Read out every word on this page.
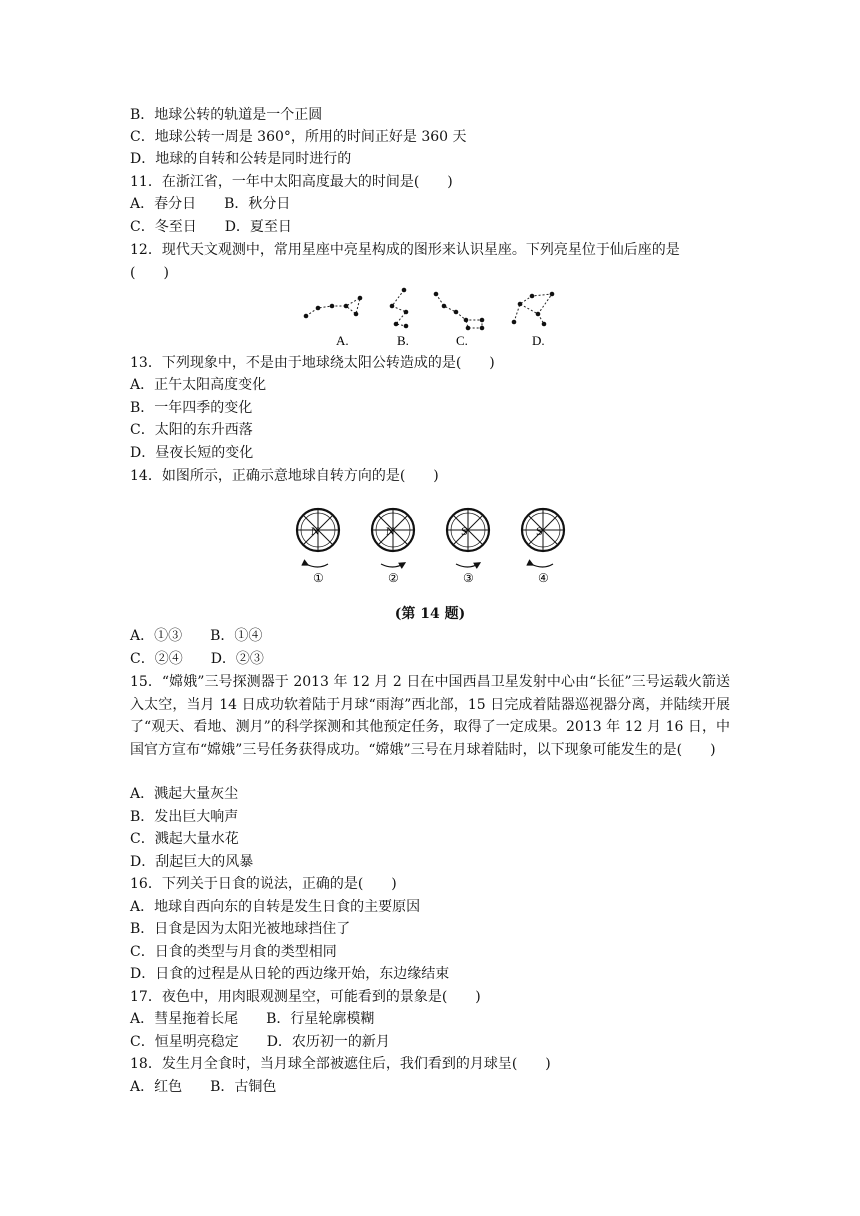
B．地球公转的轨道是一个正圆
C．地球公转一周是 360°，所用的时间正好是 360 天
D．地球的自转和公转是同时进行的
11．在浙江省，一年中太阳高度最大的时间是(　　)
A．春分日　　B．秋分日
C．冬至日　　D．夏至日
12．现代天文观测中，常用星座中亮星构成的图形来认识星座。下列亮星位于仙后座的是
(　　)
A.	B.	C.	D.
13．下列现象中，不是由于地球绕太阳公转造成的是(　　)
A．正午太阳高度变化
B．一年四季的变化
C．太阳的东升西落
D．昼夜长短的变化
14．如图所示，正确示意地球自转方向的是(　　)
N	N	S	S
①	②	③	④
(第 14 题)
A．①③　　B．①④
C．②④　　D．②③
15．“嫦娥”三号探测器于 2013 年 12 月 2 日在中国西昌卫星发射中心由“长征”三号运载火箭送入太空，当月 14 日成功软着陆于月球“雨海”西北部，15 日完成着陆器巡视器分离，并陆续开展了“观天、看地、测月”的科学探测和其他预定任务，取得了一定成果。2013 年 12 月 16 日，中国官方宣布“嫦娥”三号任务获得成功。“嫦娥”三号在月球着陆时，以下现象可能发生的是(　　)
A．溅起大量灰尘
B．发出巨大响声
C．溅起大量水花
D．刮起巨大的风暴
16．下列关于日食的说法，正确的是(　　)
A．地球自西向东的自转是发生日食的主要原因
B．日食是因为太阳光被地球挡住了
C．日食的类型与月食的类型相同
D．日食的过程是从日轮的西边缘开始，东边缘结束
17．夜色中，用肉眼观测星空，可能看到的景象是(　　)
A．彗星拖着长尾　　B．行星轮廓模糊
C．恒星明亮稳定　　D．农历初一的新月
18．发生月全食时，当月球全部被遮住后，我们看到的月球呈(　　)
A．红色　　B．古铜色
